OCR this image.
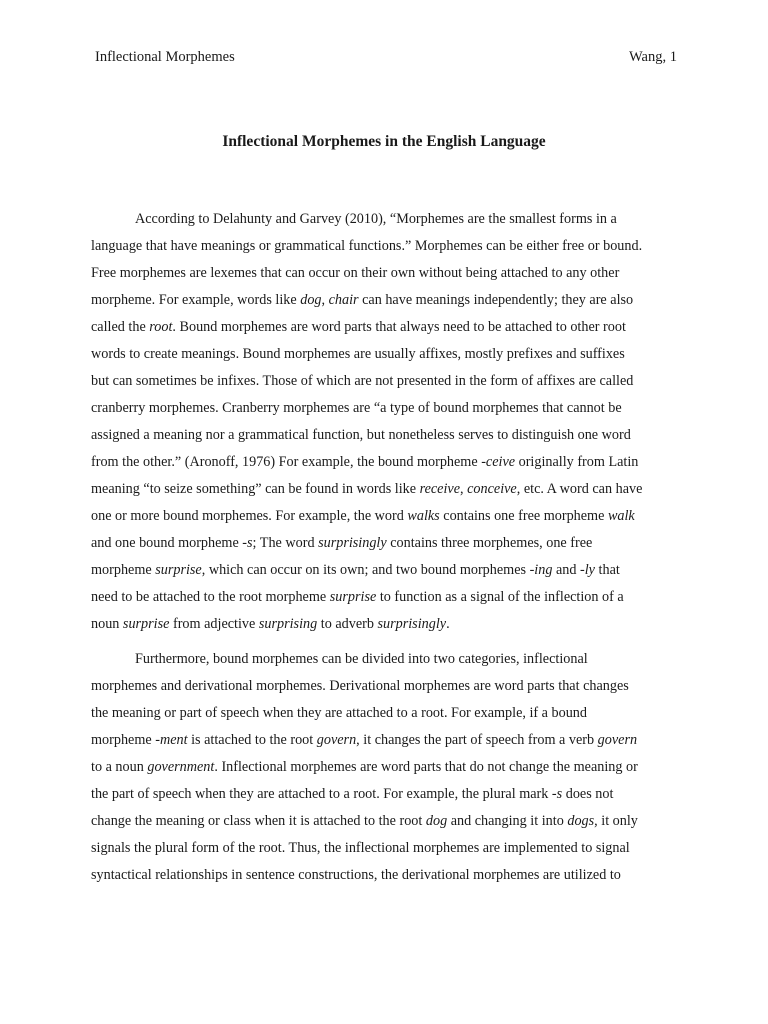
Inflectional Morphemes	Wang, 1
Inflectional Morphemes in the English Language
According to Delahunty and Garvey (2010), “Morphemes are the smallest forms in a
language that have meanings or grammatical functions.” Morphemes can be either free or bound.
Free morphemes are lexemes that can occur on their own without being attached to any other
morpheme. For example, words like dog, chair can have meanings independently; they are also
called the root. Bound morphemes are word parts that always need to be attached to other root
words to create meanings. Bound morphemes are usually affixes, mostly prefixes and suffixes
but can sometimes be infixes. Those of which are not presented in the form of affixes are called
cranberry morphemes. Cranberry morphemes are “a type of bound morphemes that cannot be
assigned a meaning nor a grammatical function, but nonetheless serves to distinguish one word
from the other.” (Aronoff, 1976) For example, the bound morpheme -ceive originally from Latin
meaning “to seize something” can be found in words like receive, conceive, etc. A word can have
one or more bound morphemes. For example, the word walks contains one free morpheme walk
and one bound morpheme -s; The word surprisingly contains three morphemes, one free
morpheme surprise, which can occur on its own; and two bound morphemes -ing and -ly that
need to be attached to the root morpheme surprise to function as a signal of the inflection of a
noun surprise from adjective surprising to adverb surprisingly.
Furthermore, bound morphemes can be divided into two categories, inflectional
morphemes and derivational morphemes. Derivational morphemes are word parts that changes
the meaning or part of speech when they are attached to a root. For example, if a bound
morpheme -ment is attached to the root govern, it changes the part of speech from a verb govern
to a noun government. Inflectional morphemes are word parts that do not change the meaning or
the part of speech when they are attached to a root. For example, the plural mark -s does not
change the meaning or class when it is attached to the root dog and changing it into dogs, it only
signals the plural form of the root. Thus, the inflectional morphemes are implemented to signal
syntactical relationships in sentence constructions, the derivational morphemes are utilized to
